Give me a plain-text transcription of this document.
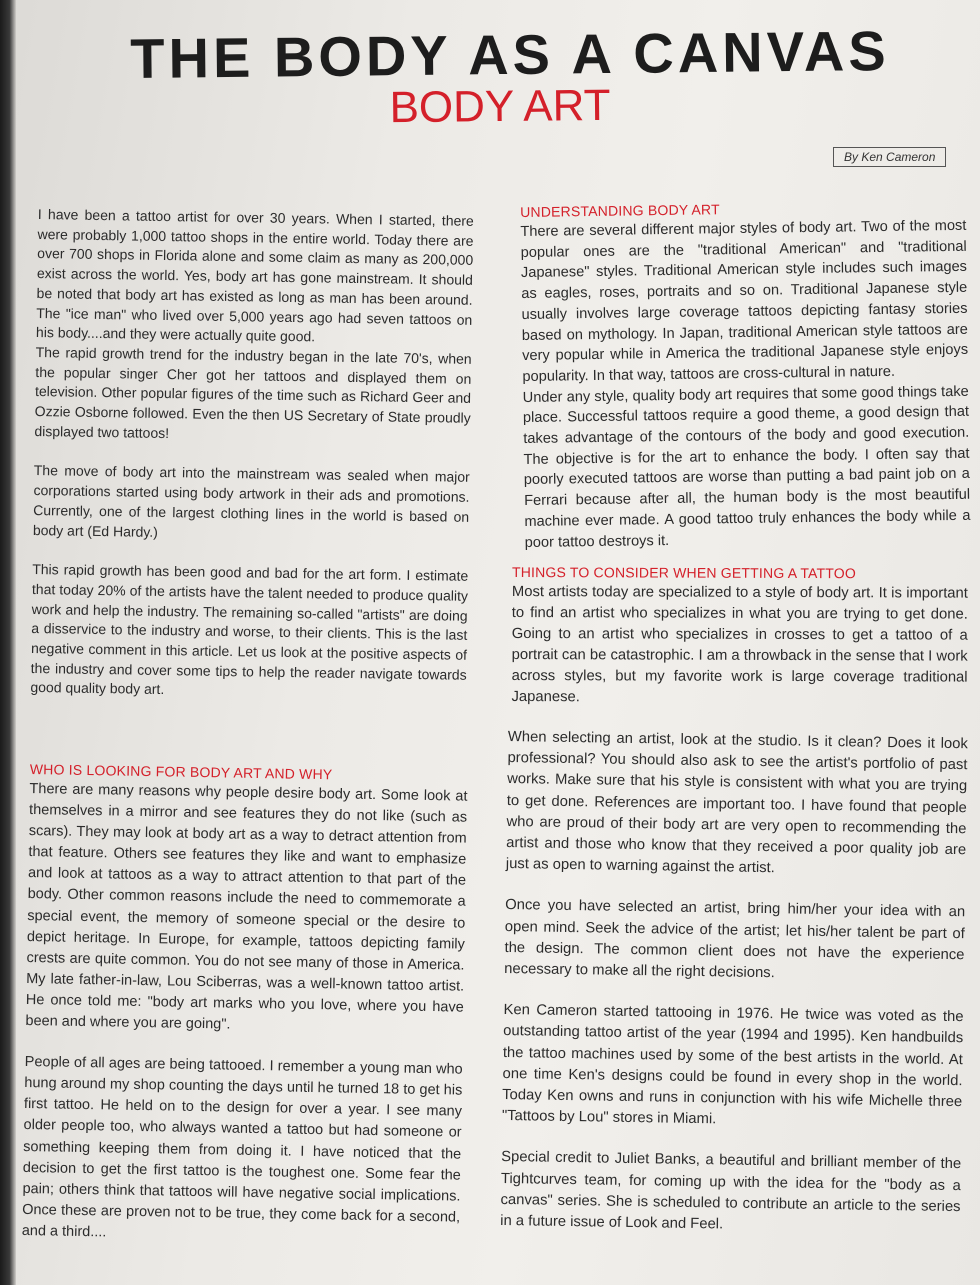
THE BODY AS A CANVAS
BODY ART
By Ken Cameron

I have been a tattoo artist for over 30 years. When I started, there were probably 1,000 tattoo shops in the entire world. Today there are over 700 shops in Florida alone and some claim as many as 200,000 exist across the world. Yes, body art has gone mainstream. It should be noted that body art has existed as long as man has been around. The "ice man" who lived over 5,000 years ago had seven tattoos on his body....and they were actually quite good.

The rapid growth trend for the industry began in the late 70's, when the popular singer Cher got her tattoos and displayed them on television. Other popular figures of the time such as Richard Geer and Ozzie Osborne followed. Even the then US Secretary of State proudly displayed two tattoos!

The move of body art into the mainstream was sealed when major corporations started using body artwork in their ads and promotions. Currently, one of the largest clothing lines in the world is based on body art (Ed Hardy.)

This rapid growth has been good and bad for the art form. I estimate that today 20% of the artists have the talent needed to produce quality work and help the industry. The remaining so-called "artists" are doing a disservice to the industry and worse, to their clients. This is the last negative comment in this article. Let us look at the positive aspects of the industry and cover some tips to help the reader navigate towards good quality body art.

WHO IS LOOKING FOR BODY ART AND WHY

There are many reasons why people desire body art. Some look at themselves in a mirror and see features they do not like (such as scars). They may look at body art as a way to detract attention from that feature. Others see features they like and want to emphasize and look at tattoos as a way to attract attention to that part of the body. Other common reasons include the need to commemorate a special event, the memory of someone special or the desire to depict heritage. In Europe, for example, tattoos depicting family crests are quite common. You do not see many of those in America. My late father-in-law, Lou Sciberras, was a well-known tattoo artist. He once told me: "body art marks who you love, where you have been and where you are going".

People of all ages are being tattooed. I remember a young man who hung around my shop counting the days until he turned 18 to get his first tattoo. He held on to the design for over a year. I see many older people too, who always wanted a tattoo but had someone or something keeping them from doing it. I have noticed that the decision to get the first tattoo is the toughest one. Some fear the pain; others think that tattoos will have negative social implications. Once these are proven not to be true, they come back for a second, and a third....

UNDERSTANDING BODY ART

There are several different major styles of body art. Two of the most popular ones are the "traditional American" and "traditional Japanese" styles. Traditional American style includes such images as eagles, roses, portraits and so on. Traditional Japanese style usually involves large coverage tattoos depicting fantasy stories based on mythology. In Japan, traditional American style tattoos are very popular while in America the traditional Japanese style enjoys popularity. In that way, tattoos are cross-cultural in nature.

Under any style, quality body art requires that some good things take place. Successful tattoos require a good theme, a good design that takes advantage of the contours of the body and good execution. The objective is for the art to enhance the body. I often say that poorly executed tattoos are worse than putting a bad paint job on a Ferrari because after all, the human body is the most beautiful machine ever made. A good tattoo truly enhances the body while a poor tattoo destroys it.

THINGS TO CONSIDER WHEN GETTING A TATTOO

Most artists today are specialized to a style of body art. It is important to find an artist who specializes in what you are trying to get done. Going to an artist who specializes in crosses to get a tattoo of a portrait can be catastrophic. I am a throwback in the sense that I work across styles, but my favorite work is large coverage traditional Japanese.

When selecting an artist, look at the studio. Is it clean? Does it look professional? You should also ask to see the artist's portfolio of past works. Make sure that his style is consistent with what you are trying to get done. References are important too. I have found that people who are proud of their body art are very open to recommending the artist and those who know that they received a poor quality job are just as open to warning against the artist.

Once you have selected an artist, bring him/her your idea with an open mind. Seek the advice of the artist; let his/her talent be part of the design. The common client does not have the experience necessary to make all the right decisions.

Ken Cameron started tattooing in 1976. He twice was voted as the outstanding tattoo artist of the year (1994 and 1995). Ken handbuilds the tattoo machines used by some of the best artists in the world. At one time Ken's designs could be found in every shop in the world. Today Ken owns and runs in conjunction with his wife Michelle three "Tattoos by Lou" stores in Miami.

Special credit to Juliet Banks, a beautiful and brilliant member of the Tightcurves team, for coming up with the idea for the "body as a canvas" series. She is scheduled to contribute an article to the series in a future issue of Look and Feel.
